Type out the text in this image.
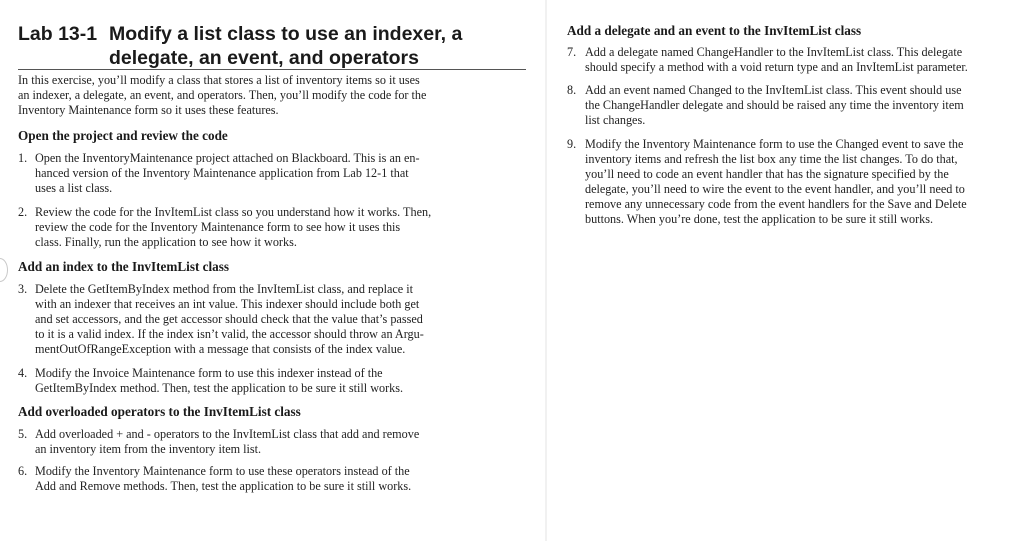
Lab 13-1 Modify a list class to use an indexer, a
delegate, an event, and operators
In this exercise, you’ll modify a class that stores a list of inventory items so it uses
an indexer, a delegate, an event, and operators. Then, you’ll modify the code for the
Inventory Maintenance form so it uses these features.
Open the project and review the code
1. Open the InventoryMaintenance project attached on Blackboard. This is an en-
hanced version of the Inventory Maintenance application from Lab 12-1 that
uses a list class.
2. Review the code for the InvItemList class so you understand how it works. Then,
review the code for the Inventory Maintenance form to see how it uses this
class. Finally, run the application to see how it works.
Add an index to the InvItemList class
3. Delete the GetItemByIndex method from the InvItemList class, and replace it
with an indexer that receives an int value. This indexer should include both get
and set accessors, and the get accessor should check that the value that’s passed
to it is a valid index. If the index isn’t valid, the accessor should throw an Argu-
mentOutOfRangeException with a message that consists of the index value.
4. Modify the Invoice Maintenance form to use this indexer instead of the
GetItemByIndex method. Then, test the application to be sure it still works.
Add overloaded operators to the InvItemList class
5. Add overloaded + and - operators to the InvItemList class that add and remove
an inventory item from the inventory item list.
6. Modify the Inventory Maintenance form to use these operators instead of the
Add and Remove methods. Then, test the application to be sure it still works.
Add a delegate and an event to the InvItemList class
7. Add a delegate named ChangeHandler to the InvItemList class. This delegate
should specify a method with a void return type and an InvItemList parameter.
8. Add an event named Changed to the InvItemList class. This event should use
the ChangeHandler delegate and should be raised any time the inventory item
list changes.
9. Modify the Inventory Maintenance form to use the Changed event to save the
inventory items and refresh the list box any time the list changes. To do that,
you’ll need to code an event handler that has the signature specified by the
delegate, you’ll need to wire the event to the event handler, and you’ll need to
remove any unnecessary code from the event handlers for the Save and Delete
buttons. When you’re done, test the application to be sure it still works.
